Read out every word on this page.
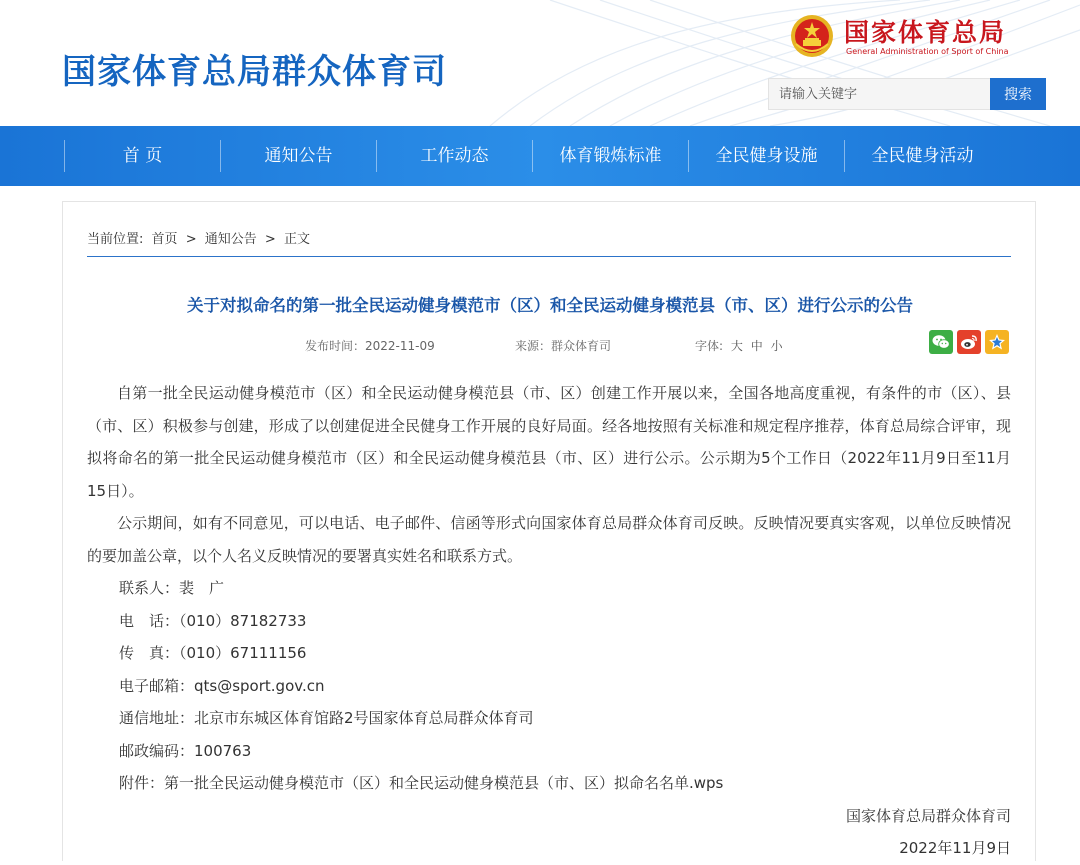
国家体育总局群众体育司
国家体育总局
General Administration of Sport of China
请输入关键字
搜索
首 页	通知公告	工作动态	体育锻炼标准	全民健身设施	全民健身活动
当前位置: 首页 > 通知公告 > 正文
关于对拟命名的第一批全民运动健身模范市（区）和全民运动健身模范县（市、区）进行公示的公告
发布时间：2022-11-09	来源：群众体育司	字体: 大 中 小

自第一批全民运动健身模范市（区）和全民运动健身模范县（市、区）创建工作开展以来，全国各地高度重视，有条件的市（区）、县（市、区）积极参与创建，形成了以创建促进全民健身工作开展的良好局面。经各地按照有关标准和规定程序推荐，体育总局综合评审，现拟将命名的第一批全民运动健身模范市（区）和全民运动健身模范县（市、区）进行公示。公示期为5个工作日（2022年11月9日至11月15日）。

公示期间，如有不同意见，可以电话、电子邮件、信函等形式向国家体育总局群众体育司反映。反映情况要真实客观，以单位反映情况的要加盖公章，以个人名义反映情况的要署真实姓名和联系方式。

联系人：裴　广

电　话：（010）87182733

传　真：（010）67111156

电子邮箱：qts@sport.gov.cn

通信地址：北京市东城区体育馆路2号国家体育总局群众体育司

邮政编码：100763

附件：第一批全民运动健身模范市（区）和全民运动健身模范县（市、区）拟命名名单.wps

国家体育总局群众体育司

2022年11月9日
